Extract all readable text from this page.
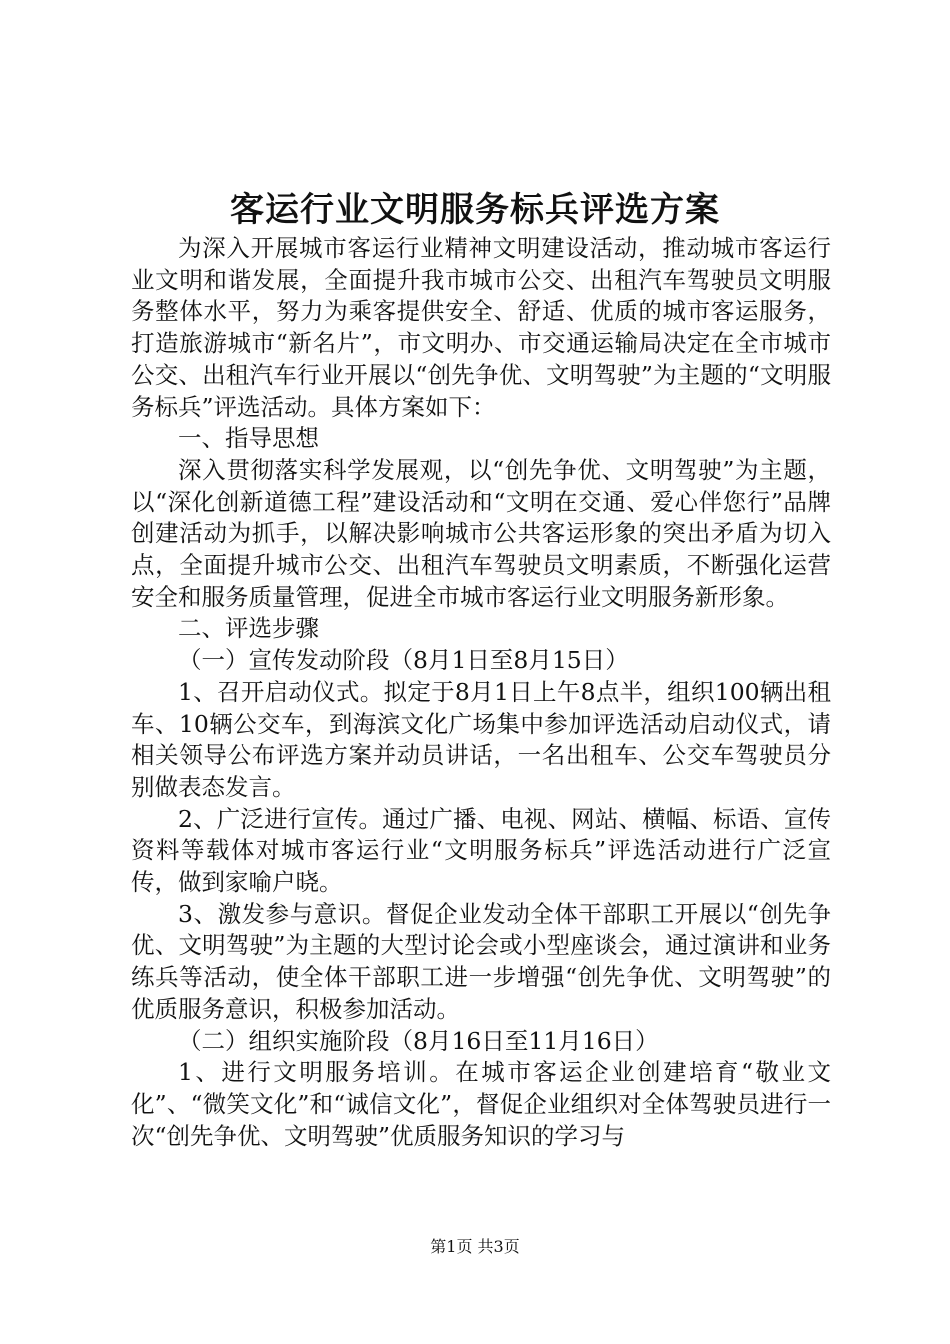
客运行业文明服务标兵评选方案

为深入开展城市客运行业精神文明建设活动，推动城市客运行业文明和谐发展，全面提升我市城市公交、出租汽车驾驶员文明服务整体水平，努力为乘客提供安全、舒适、优质的城市客运服务，打造旅游城市“新名片”，市文明办、市交通运输局决定在全市城市公交、出租汽车行业开展以“创先争优、文明驾驶”为主题的“文明服务标兵”评选活动。具体方案如下：

一、指导思想

深入贯彻落实科学发展观，以“创先争优、文明驾驶”为主题，以“深化创新道德工程”建设活动和“文明在交通、爱心伴您行”品牌创建活动为抓手，以解决影响城市公共客运形象的突出矛盾为切入点，全面提升城市公交、出租汽车驾驶员文明素质，不断强化运营安全和服务质量管理，促进全市城市客运行业文明服务新形象。

二、评选步骤

（一）宣传发动阶段（8月1日至8月15日）

1、召开启动仪式。拟定于8月1日上午8点半，组织100辆出租车、10辆公交车，到海滨文化广场集中参加评选活动启动仪式，请相关领导公布评选方案并动员讲话，一名出租车、公交车驾驶员分别做表态发言。

2、广泛进行宣传。通过广播、电视、网站、横幅、标语、宣传资料等载体对城市客运行业“文明服务标兵”评选活动进行广泛宣传，做到家喻户晓。

3、激发参与意识。督促企业发动全体干部职工开展以“创先争优、文明驾驶”为主题的大型讨论会或小型座谈会，通过演讲和业务练兵等活动，使全体干部职工进一步增强“创先争优、文明驾驶”的优质服务意识，积极参加活动。

（二）组织实施阶段（8月16日至11月16日）

1、进行文明服务培训。在城市客运企业创建培育“敬业文化”、“微笑文化”和“诚信文化”，督促企业组织对全体驾驶员进行一次“创先争优、文明驾驶”优质服务知识的学习与

第1页 共3页
